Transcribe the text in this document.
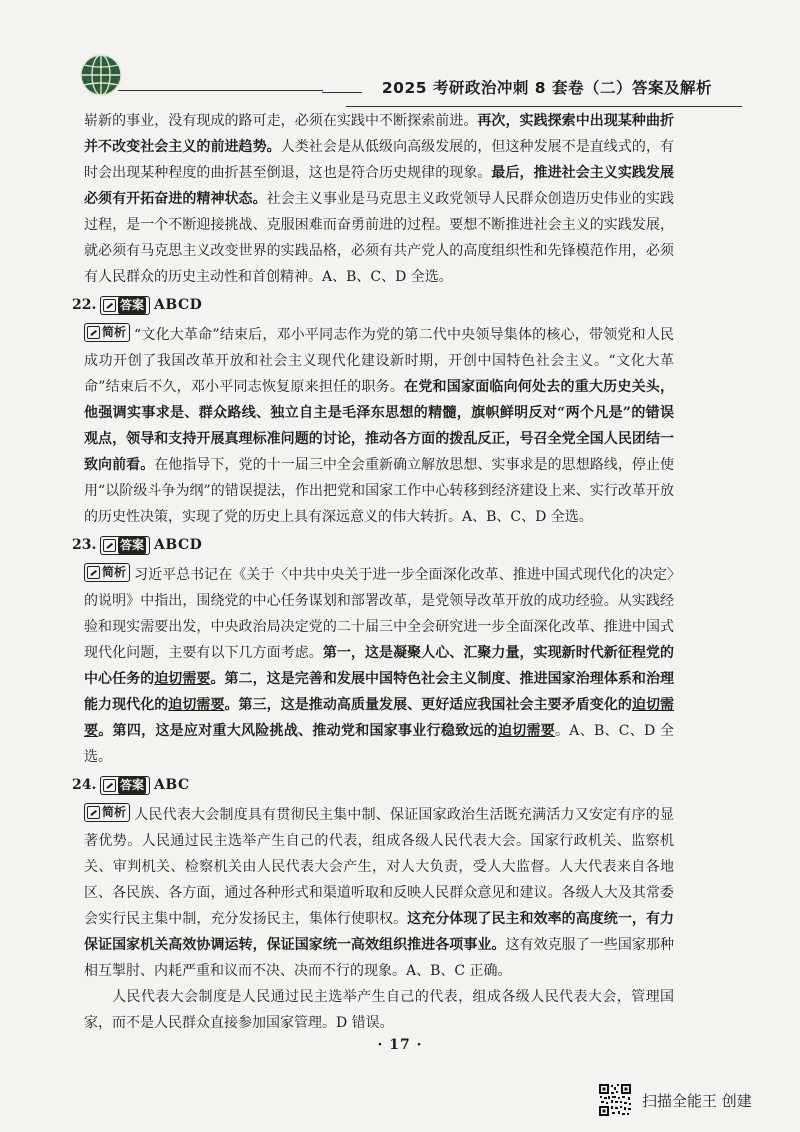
2025 考研政治冲刺 8 套卷（二）答案及解析

崭新的事业，没有现成的路可走，必须在实践中不断探索前进。再次，实践探索中出现某种曲折并不改变社会主义的前进趋势。人类社会是从低级向高级发展的，但这种发展不是直线式的，有时会出现某种程度的曲折甚至倒退，这也是符合历史规律的现象。最后，推进社会主义实践发展必须有开拓奋进的精神状态。社会主义事业是马克思主义政党领导人民群众创造历史伟业的实践过程，是一个不断迎接挑战、克服困难而奋勇前进的过程。要想不断推进社会主义的实践发展，就必须有马克思主义改变世界的实践品格，必须有共产党人的高度组织性和先锋模范作用，必须有人民群众的历史主动性和首创精神。A、B、C、D 全选。

22.	答案 ABCD

简析 “文化大革命”结束后，邓小平同志作为党的第二代中央领导集体的核心，带领党和人民成功开创了我国改革开放和社会主义现代化建设新时期，开创中国特色社会主义。“文化大革命”结束后不久，邓小平同志恢复原来担任的职务。在党和国家面临向何处去的重大历史关头，他强调实事求是、群众路线、独立自主是毛泽东思想的精髓，旗帜鲜明反对“两个凡是”的错误观点，领导和支持开展真理标准问题的讨论，推动各方面的拨乱反正，号召全党全国人民团结一致向前看。在他指导下，党的十一届三中全会重新确立解放思想、实事求是的思想路线，停止使用“以阶级斗争为纲”的错误提法，作出把党和国家工作中心转移到经济建设上来、实行改革开放的历史性决策，实现了党的历史上具有深远意义的伟大转折。A、B、C、D 全选。

23.	答案 ABCD

简析 习近平总书记在《关于〈中共中央关于进一步全面深化改革、推进中国式现代化的决定〉的说明》中指出，围绕党的中心任务谋划和部署改革，是党领导改革开放的成功经验。从实践经验和现实需要出发，中央政治局决定党的二十届三中全会研究进一步全面深化改革、推进中国式现代化问题，主要有以下几方面考虑。第一，这是凝聚人心、汇聚力量，实现新时代新征程党的中心任务的迫切需要。第二，这是完善和发展中国特色社会主义制度、推进国家治理体系和治理能力现代化的迫切需要。第三，这是推动高质量发展、更好适应我国社会主要矛盾变化的迫切需要。第四，这是应对重大风险挑战、推动党和国家事业行稳致远的迫切需要。A、B、C、D 全选。

24.	答案 ABC

简析 人民代表大会制度具有贯彻民主集中制、保证国家政治生活既充满活力又安定有序的显著优势。人民通过民主选举产生自己的代表，组成各级人民代表大会。国家行政机关、监察机关、审判机关、检察机关由人民代表大会产生，对人大负责，受人大监督。人大代表来自各地区、各民族、各方面，通过各种形式和渠道听取和反映人民群众意见和建议。各级人大及其常委会实行民主集中制，充分发扬民主，集体行使职权。这充分体现了民主和效率的高度统一，有力保证国家机关高效协调运转，保证国家统一高效组织推进各项事业。这有效克服了一些国家那种相互掣肘、内耗严重和议而不决、决而不行的现象。A、B、C 正确。

人民代表大会制度是人民通过民主选举产生自己的代表，组成各级人民代表大会，管理国家，而不是人民群众直接参加国家管理。D 错误。

· 17 ·
扫描全能王 创建
